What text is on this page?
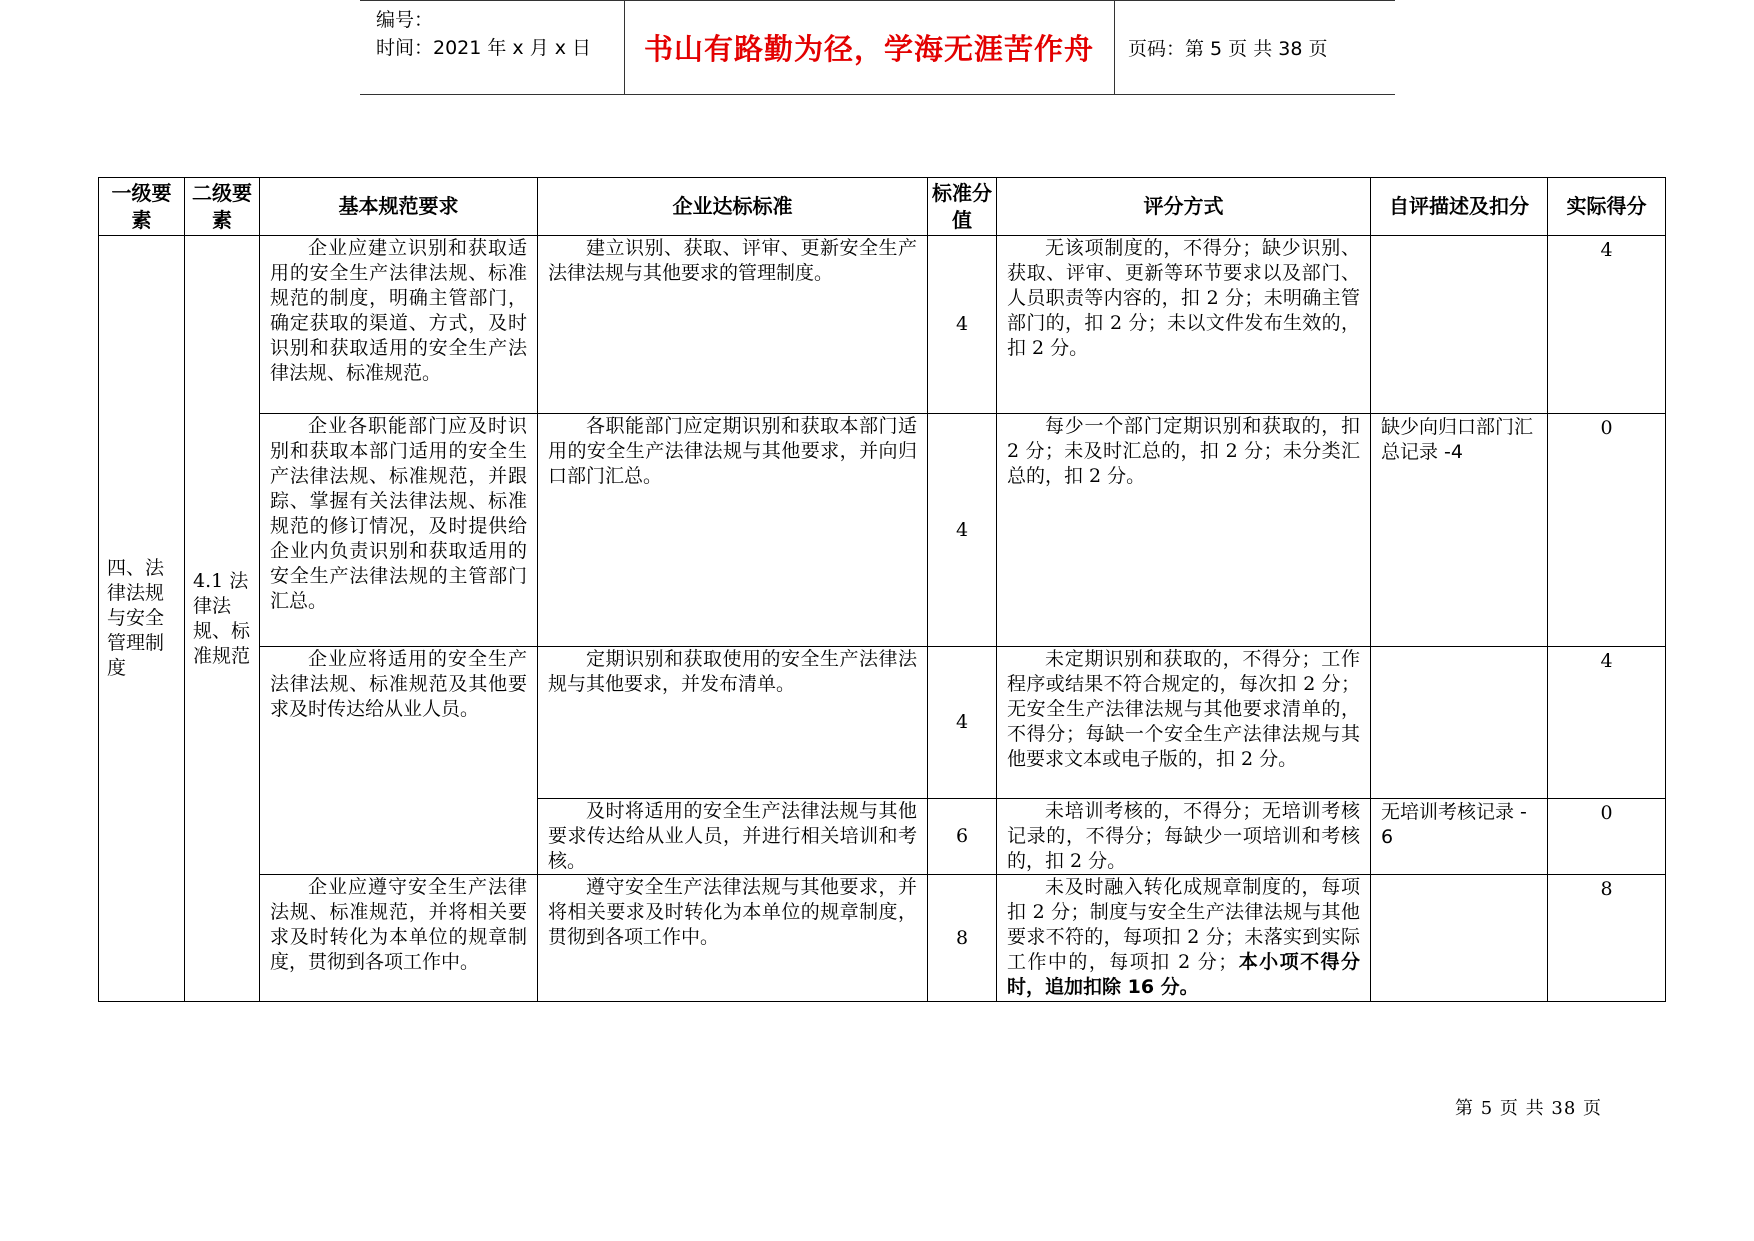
编号：
时间：2021 年 x 月 x 日 书山有路勤为径，学海无涯苦作舟 页码：第 5 页 共 38 页
一级要素	二级要素	基本规范要求	企业达标标准	标准分值	评分方式	自评描述及扣分	实际得分
四、法律法规与安全管理制度	4.1 法律法规、标准规范	企业应建立识别和获取适用的安全生产法律法规、标准规范的制度，明确主管部门，确定获取的渠道、方式，及时识别和获取适用的安全生产法律法规、标准规范。	建立识别、获取、评审、更新安全生产法律法规与其他要求的管理制度。	4	无该项制度的，不得分；缺少识别、获取、评审、更新等环节要求以及部门、人员职责等内容的，扣 2 分；未明确主管部门的，扣 2 分；未以文件发布生效的，扣 2 分。		4
		企业各职能部门应及时识别和获取本部门适用的安全生产法律法规、标准规范，并跟踪、掌握有关法律法规、标准规范的修订情况，及时提供给企业内负责识别和获取适用的安全生产法律法规的主管部门汇总。	各职能部门应定期识别和获取本部门适用的安全生产法律法规与其他要求，并向归口部门汇总。	4	每少一个部门定期识别和获取的，扣 2 分；未及时汇总的，扣 2 分；未分类汇总的，扣 2 分。	缺少向归口部门汇总记录 -4	0
		企业应将适用的安全生产法律法规、标准规范及其他要求及时传达给从业人员。	定期识别和获取使用的安全生产法律法规与其他要求，并发布清单。	4	未定期识别和获取的，不得分；工作程序或结果不符合规定的，每次扣 2 分；无安全生产法律法规与其他要求清单的，不得分；每缺一个安全生产法律法规与其他要求文本或电子版的，扣 2 分。		4
			及时将适用的安全生产法律法规与其他要求传达给从业人员，并进行相关培训和考核。	6	未培训考核的，不得分；无培训考核记录的，不得分；每缺少一项培训和考核的，扣 2 分。	无培训考核记录 -6	0
		企业应遵守安全生产法律法规、标准规范，并将相关要求及时转化为本单位的规章制度，贯彻到各项工作中。	遵守安全生产法律法规与其他要求，并将相关要求及时转化为本单位的规章制度，贯彻到各项工作中。	8	未及时融入转化成规章制度的，每项扣 2 分；制度与安全生产法律法规与其他要求不符的，每项扣 2 分；未落实到实际工作中的，每项扣 2 分；本小项不得分时，追加扣除 16 分。		8
第 5 页 共 38 页
